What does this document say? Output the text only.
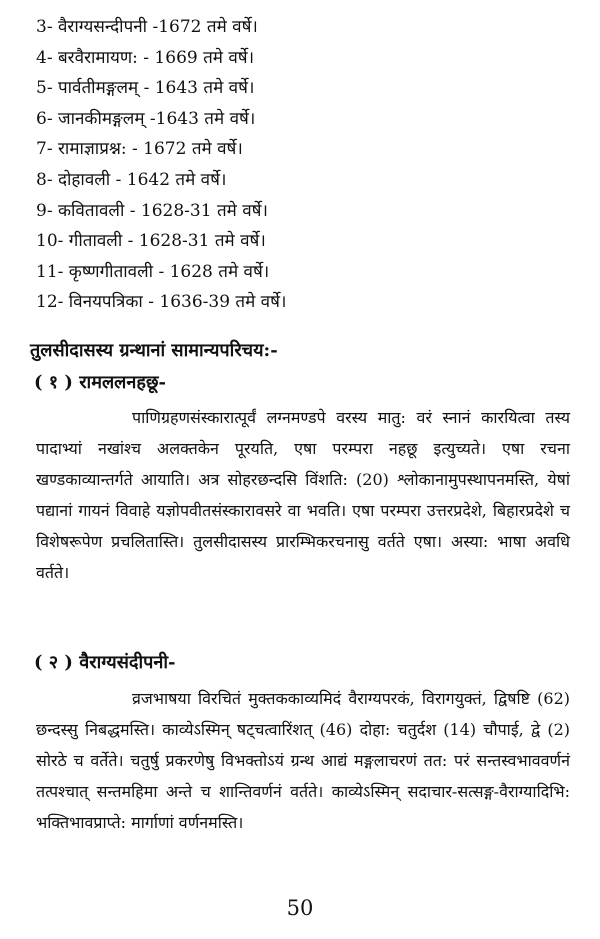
3- वैराग्यसन्दीपनी -1672 तमे वर्षे।
4- बरवैरामायण: - 1669 तमे वर्षे।
5- पार्वतीमङ्गलम् - 1643 तमे वर्षे।
6- जानकीमङ्गलम् -1643 तमे वर्षे।
7- रामाज्ञाप्रश्न: - 1672 तमे वर्षे।
8- दोहावली - 1642 तमे वर्षे।
9- कवितावली - 1628-31 तमे वर्षे।
10- गीतावली - 1628-31 तमे वर्षे।
11- कृष्णगीतावली - 1628 तमे वर्षे।
12- विनयपत्रिका - 1636-39 तमे वर्षे।
तुलसीदासस्य ग्रन्थानां सामान्यपरिचय:-
( १ ) रामललनहछू-
पाणिग्रहणसंस्कारात्पूर्वं लग्नमण्डपे वरस्य मातु: वरं स्नानं कारयित्वा तस्य पादाभ्यां नखांश्च अलक्तकेन पूरयति, एषा परम्परा नहछू इत्युच्यते। एषा रचना खण्डकाव्यान्तर्गते आयाति। अत्र सोहरछन्दसि विंशति: (20) श्लोकानामुपस्थापनमस्ति, येषां पद्यानां गायनं विवाहे यज्ञोपवीतसंस्कारावसरे वा भवति। एषा परम्परा उत्तरप्रदेशे, बिहारप्रदेशे च विशेषरूपेण प्रचलितास्ति। तुलसीदासस्य प्रारम्भिकरचनासु वर्तते एषा। अस्या: भाषा अवधि वर्तते।
( २ ) वैराग्यसंदीपनी-
व्रजभाषया विरचितं मुक्तककाव्यमिदं वैराग्यपरकं, विरागयुक्तं, द्विषष्टि (62) छन्दस्सु निबद्धमस्ति। काव्येऽस्मिन् षट्चत्वारिंशत् (46) दोहा: चतुर्दश (14) चौपाई, द्वे (2) सोरठे च वर्तेते। चतुर्षु प्रकरणेषु विभक्तोऽयं ग्रन्थ आद्यं मङ्गलाचरणं तत: परं सन्तस्वभाववर्णनं तत्पश्चात् सन्तमहिमा अन्ते च शान्तिवर्णनं वर्तते। काव्येऽस्मिन् सदाचार-सत्सङ्ग-वैराग्यादिभि: भक्तिभावप्राप्ते: मार्गाणां वर्णनमस्ति।
50
